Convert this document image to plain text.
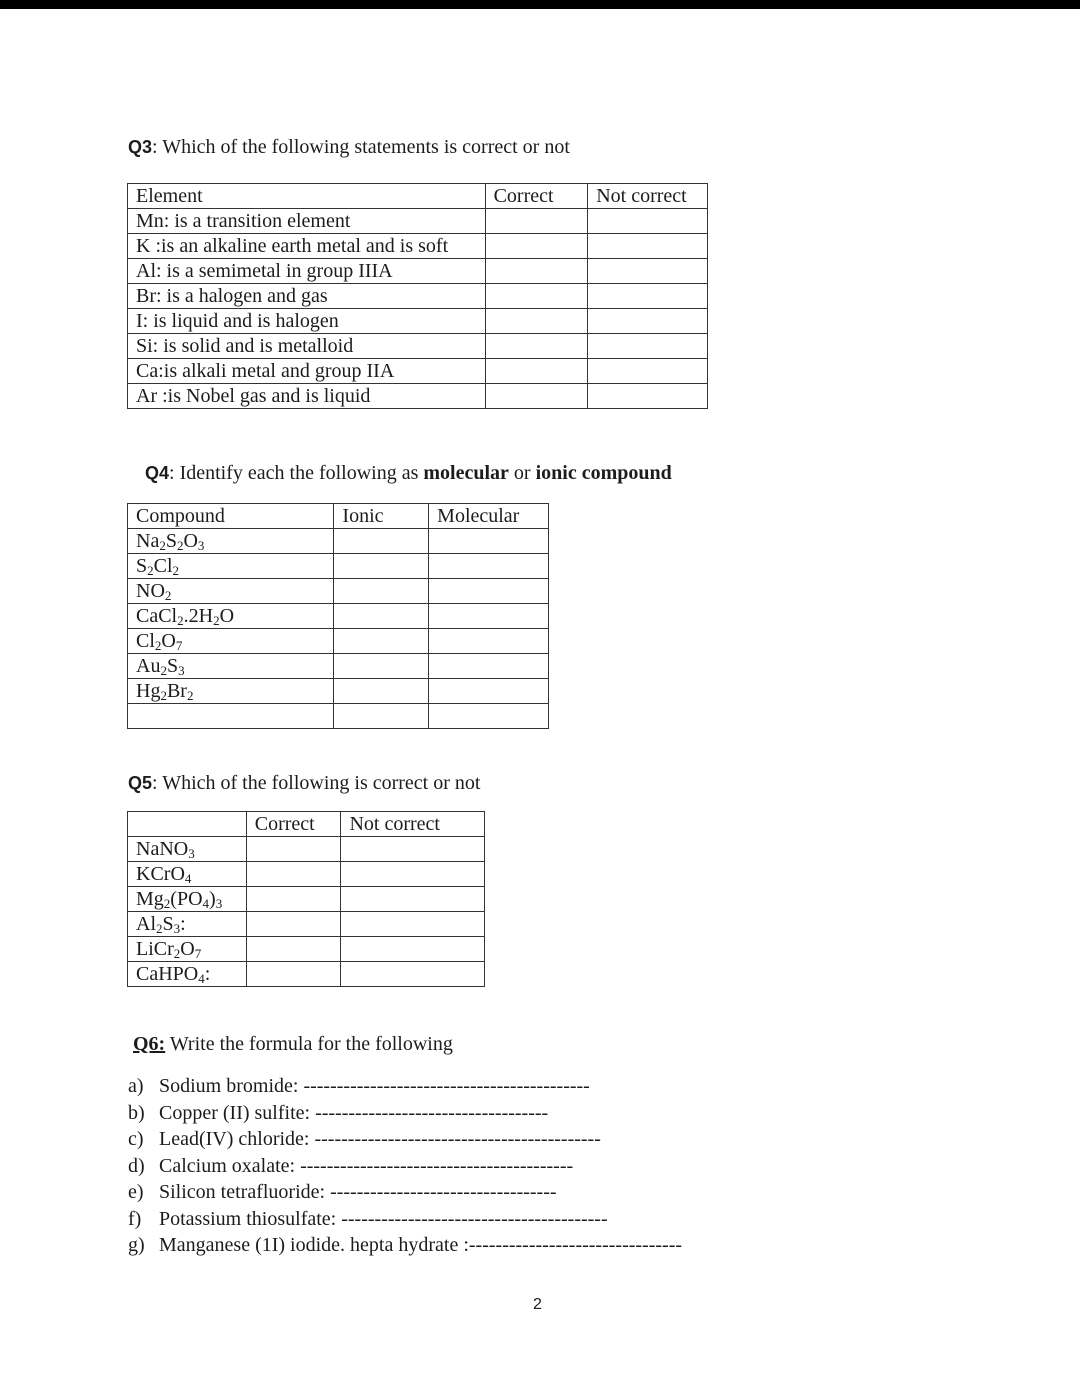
Q3: Which of the following statements is correct or not
Element	Correct	Not correct
Mn: is a transition element		
K :is an alkaline earth metal and is soft		
Al: is a semimetal in group IIIA		
Br: is a halogen and gas		
I: is liquid and is halogen		
Si: is solid and is metalloid		
Ca:is alkali metal and group IIA		
Ar :is Nobel gas and is liquid		
Q4: Identify each the following as molecular or ionic compound
Compound	Ionic	Molecular
$Na_2S_2O_3$		
$S_2Cl_2$		
$NO_2$		
$CaCl_2.2H_2O$		
$Cl_2O_7$		
$Au_2S_3$		
$Hg_2Br_2$		

Q5: Which of the following is correct or not
	Correct	Not correct
NaNO$_3$		
KCrO$_4$		
$Mg_2(PO_4)_3$		
$Al_2S_3$:		
$LiCr_2O_7$		
CaHPO$_4$:		
Q6: Write the formula for the following
a) Sodium bromide: -------------------------------------------
b) Copper (II) sulfite: -----------------------------------
c) Lead(IV) chloride: -------------------------------------------
d) Calcium oxalate: -----------------------------------------
e) Silicon tetrafluoride: ----------------------------------
f) Potassium thiosulfate: ----------------------------------------
g) Manganese (1I) iodide. hepta hydrate :--------------------------------
2
